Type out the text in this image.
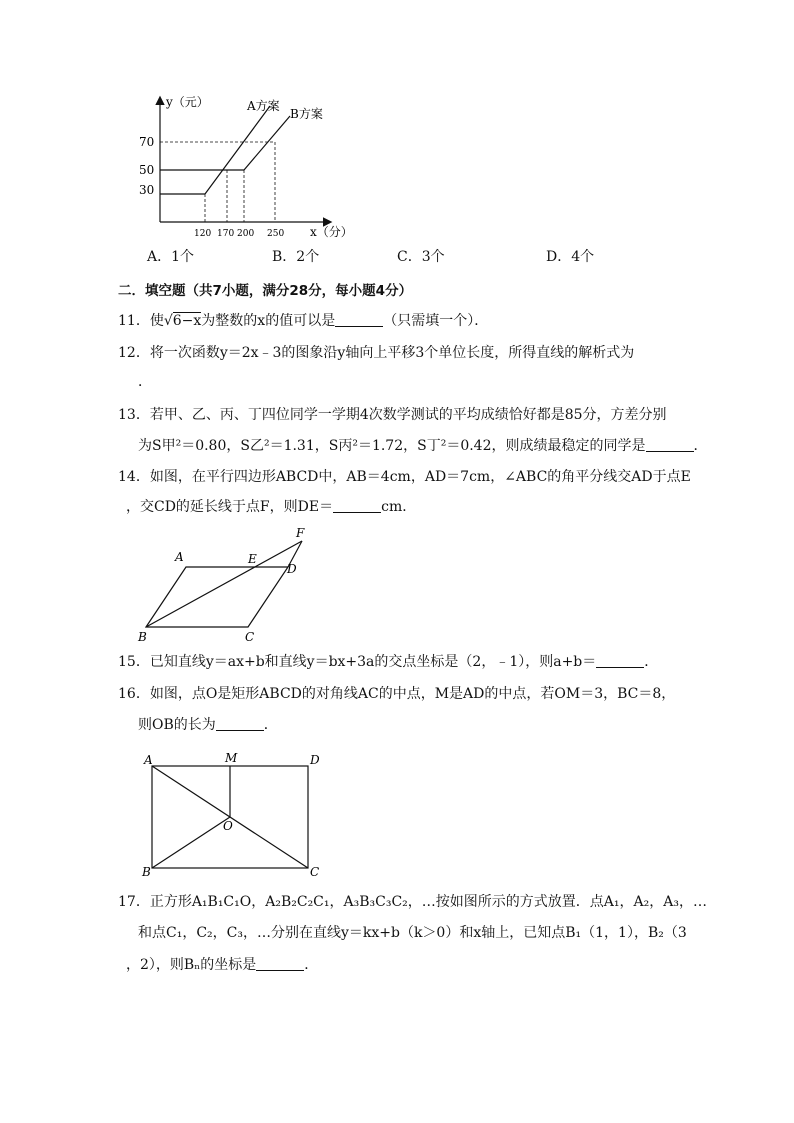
70
50
30
120 170 200 250
y（元）
x（分）
A方案
B方案
A．1个	B．2个	C．3个	D．4个
二．填空题（共7小题，满分28分，每小题4分）
11．使√6−x为整数的x的值可以是	（只需填一个）．
12．将一次函数y＝2x﹣3的图象沿y轴向上平移3个单位长度，所得直线的解析式为
．
13．若甲、乙、丙、丁四位同学一学期4次数学测试的平均成绩恰好都是85分，方差分别
为S甲²＝0.80，S乙²＝1.31，S丙²＝1.72，S丁²＝0.42，则成绩最稳定的同学是	．
14．如图，在平行四边形ABCD中，AB＝4cm，AD＝7cm，∠ABC的角平分线交AD于点E
，交CD的延长线于点F，则DE＝	cm．
A	E
F
D
B	C
15．已知直线y＝ax+b和直线y＝bx+3a的交点坐标是（2，﹣1），则a+b＝	．
16．如图，点O是矩形ABCD的对角线AC的中点，M是AD的中点，若OM＝3，BC＝8，
则OB的长为	．
A	M	D
O
B	C
17．正方形A₁B₁C₁O，A₂B₂C₂C₁，A₃B₃C₃C₂，…按如图所示的方式放置．点A₁，A₂，A₃，…
和点C₁，C₂，C₃，…分别在直线y＝kx+b（k＞0）和x轴上，已知点B₁（1，1），B₂（3
，2），则Bₙ的坐标是	．
